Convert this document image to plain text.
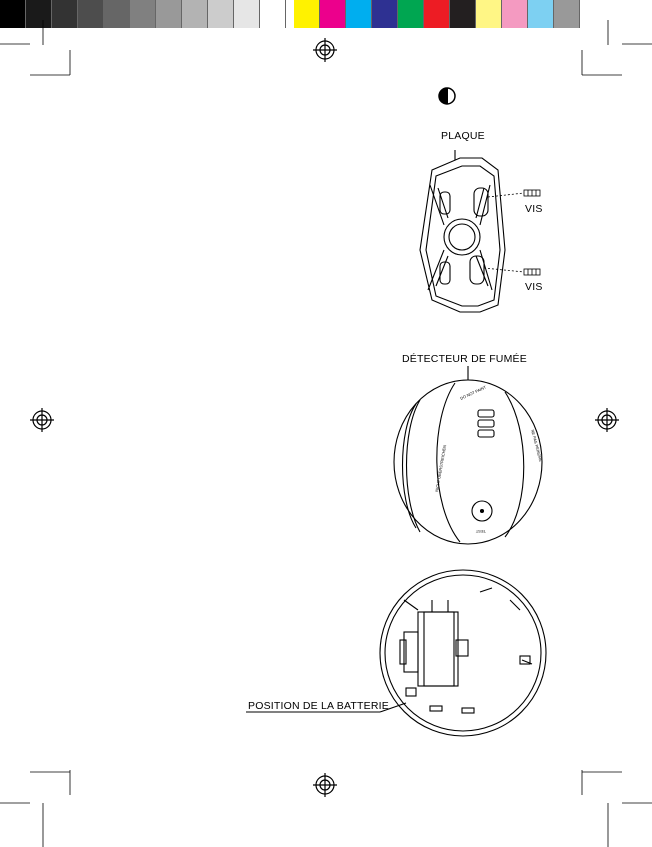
DO NOT PAINT
NE PAS PEINDRE
NICHT ÜBERSTREICHEN
TEST
PLAQUE
VIS
VIS
DÉTECTEUR DE FUMÉE
POSITION DE LA BATTERIE
